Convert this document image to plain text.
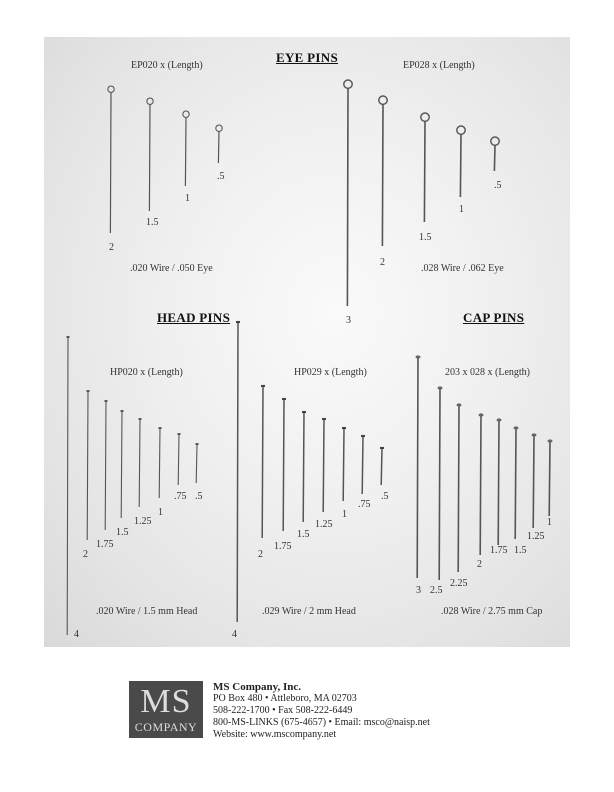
EYE PINS
HEAD PINS	CAP PINS
EP020 x (Length)	EP028 x (Length)
HP020 x (Length)	HP029 x (Length)	203 x 028 x (Length)
.020 Wire / .050 Eye	.028 Wire / .062 Eye
.020 Wire / 1.5 mm Head	.029 Wire / 2 mm Head	.028 Wire / 2.75 mm Cap
2
1.5
1
.5
3
2
1.5
1
.5
4
2
1.75
1.5
1.25
1
.75 .5
4
2
1.75
1.5
1.25
1
.75
.5
3 2.5
2.25
2
1.75 1.5
1.25
1
MS
COMPANY
MS Company, Inc.
PO Box 480 • Attleboro, MA 02703
508-222-1700 • Fax 508-222-6449
800-MS-LINKS (675-4657) • Email: msco@naisp.net
Website: www.mscompany.net
